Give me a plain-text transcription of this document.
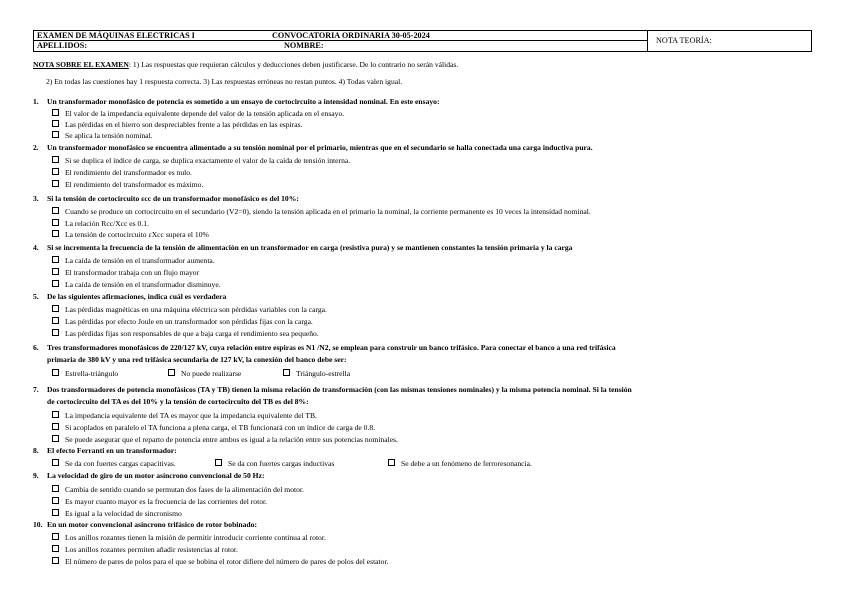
EXAMEN DE MÁQUINAS ELECTRICAS I	CONVOCATORIA ORDINARIA 30-05-2024
APELLIDOS:	NOMBRE:
NOTA TEORÍA:
NOTA SOBRE EL EXAMEN: 1) Las respuestas que requieran cálculos y deducciones deben justificarse. De lo contrario no serán válidas.
2) En todas las cuestiones hay 1 respuesta correcta. 3) Las respuestas erróneas no restan puntos. 4) Todas valen igual.
1. Un transformador monofásico de potencia es sometido a un ensayo de cortocircuito a intensidad nominal. En este ensayo:
El valor de la impedancia equivalente depende del valor de la tensión aplicada en el ensayo.
Las pérdidas en el hierro son despreciables frente a las pérdidas en las espiras.
Se aplica la tensión nominal.
2. Un transformador monofásico se encuentra alimentado a su tensión nominal por el primario, mientras que en el secundario se halla conectada una carga inductiva pura.
Si se duplica el índice de carga, se duplica exactamente el valor de la caída de tensión interna.
El rendimiento del transformador es nulo.
El rendimiento del transformador es máximo.
3. Si la tensión de cortocircuito εcc de un transformador monofásico es del 10%:
Cuando se produce un cortocircuito en el secundario (V2=0), siendo la tensión aplicada en el primario la nominal, la corriente permanente es 10 veces la intensidad nominal.
La relación Rcc/Xcc es 0.1.
La tensión de cortocircuito εXcc supera el 10%
4. Si se incrementa la frecuencia de la tensión de alimentación en un transformador en carga (resistiva pura) y se mantienen constantes la tensión primaria y la carga
La caída de tensión en el transformador aumenta.
El transformador trabaja con un flujo mayor
La caída de tensión en el transformador disminuye.
5. De las siguientes afirmaciones, indica cuál es verdadera
Las pérdidas magnéticas en una máquina eléctrica son pérdidas variables con la carga.
Las pérdidas por efecto Joule en un transformador son pérdidas fijas con la carga.
Las pérdidas fijas son responsables de que a baja carga el rendimiento sea pequeño.
6. Tres transformadores monofásicos de 220/127 kV, cuya relación entre espiras es N1 /N2, se emplean para construir un banco trifásico. Para conectar el banco a una red trifásica
primaria de 380 kV y una red trifásica secundaria de 127 kV, la conexión del banco debe ser:
Estrella-triángulo	No puede realizarse	Triángulo-estrella
7. Dos transformadores de potencia monofásicos (TA y TB) tienen la misma relación de transformación (con las mismas tensiones nominales) y la misma potencia nominal. Si la tensión
de cortocircuito del TA es del 10% y la tensión de cortocircuito del TB es del 8%:
La impedancia equivalente del TA es mayor que la impedancia equivalente del TB.
Si acoplados en paralelo el TA funciona a plena carga, el TB funcionará con un índice de carga de 0.8.
Se puede asegurar que el reparto de potencia entre ambos es igual a la relación entre sus potencias nominales.
8. El efecto Ferranti en un transformador:
Se da con fuertes cargas capacitivas.	Se da con fuertes cargas inductivas	Se debe a un fenómeno de ferroresonancia.
9. La velocidad de giro de un motor asíncrono convencional de 50 Hz:
Cambia de sentido cuando se permutan dos fases de la alimentación del motor.
Es mayor cuanto mayor es la frecuencia de las corrientes del rotor.
Es igual a la velocidad de sincronismo
10. En un motor convencional asíncrono trifásico de rotor bobinado:
Los anillos rozantes tienen la misión de permitir introducir corriente continua al rotor.
Los anillos rozantes permiten añadir resistencias al rotor.
El número de pares de polos para el que se bobina el rotor difiere del número de pares de polos del estator.
